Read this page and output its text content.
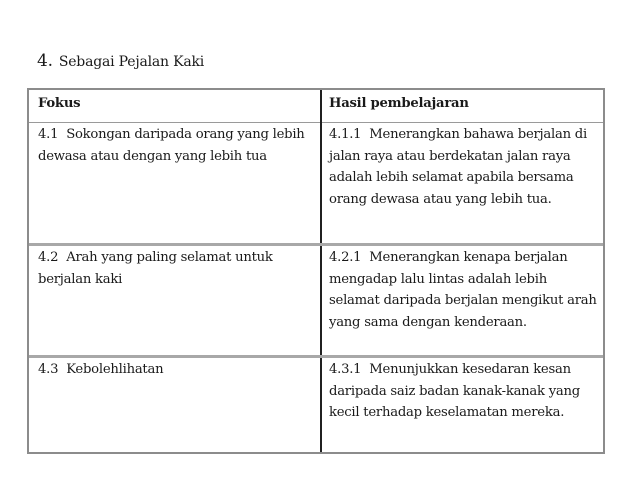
4. Sebagai Pejalan Kaki
Fokus	Hasil pembelajaran
4.1 Sokongan daripada orang yang lebih dewasa atau dengan yang lebih tua	4.1.1 Menerangkan bahawa berjalan di jalan raya atau berdekatan jalan raya adalah lebih selamat apabila bersama orang dewasa atau yang lebih tua.
4.2 Arah yang paling selamat untuk berjalan kaki	4.2.1 Menerangkan kenapa berjalan mengadap lalu lintas adalah lebih selamat daripada berjalan mengikut arah yang sama dengan kenderaan.
4.3 Kebolehlihatan	4.3.1 Menunjukkan kesedaran kesan daripada saiz badan kanak-kanak yang kecil terhadap keselamatan mereka.
